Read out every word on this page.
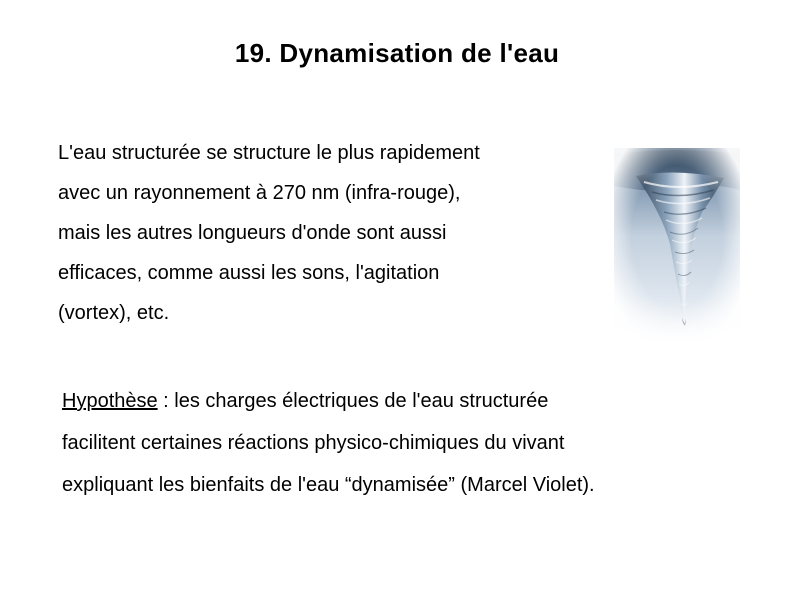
19. Dynamisation de l'eau
L'eau structurée se structure le plus rapidement
avec un rayonnement à 270 nm (infra-rouge),
mais les autres longueurs d'onde sont aussi
efficaces, comme aussi les sons, l'agitation
(vortex), etc.
Hypothèse : les charges électriques de l'eau structurée
facilitent certaines réactions physico-chimiques du vivant
expliquant les bienfaits de l'eau “dynamisée” (Marcel Violet).
